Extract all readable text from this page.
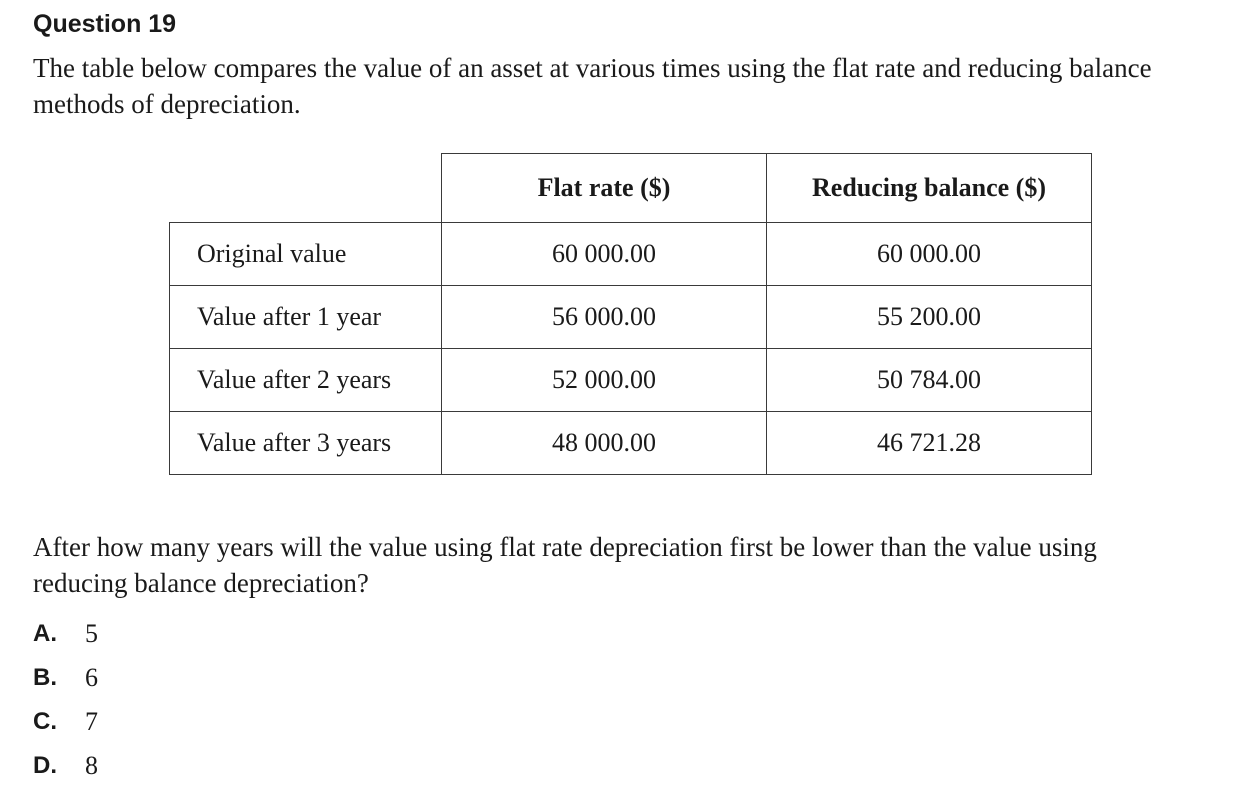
Question 19

The table below compares the value of an asset at various times using the flat rate and reducing balance
methods of depreciation.

	Flat rate ($)	Reducing balance ($)
Original value	60 000.00	60 000.00
Value after 1 year	56 000.00	55 200.00
Value after 2 years	52 000.00	50 784.00
Value after 3 years	48 000.00	46 721.28

After how many years will the value using flat rate depreciation first be lower than the value using
reducing balance depreciation?

A.	5
B.	6
C.	7
D.	8
